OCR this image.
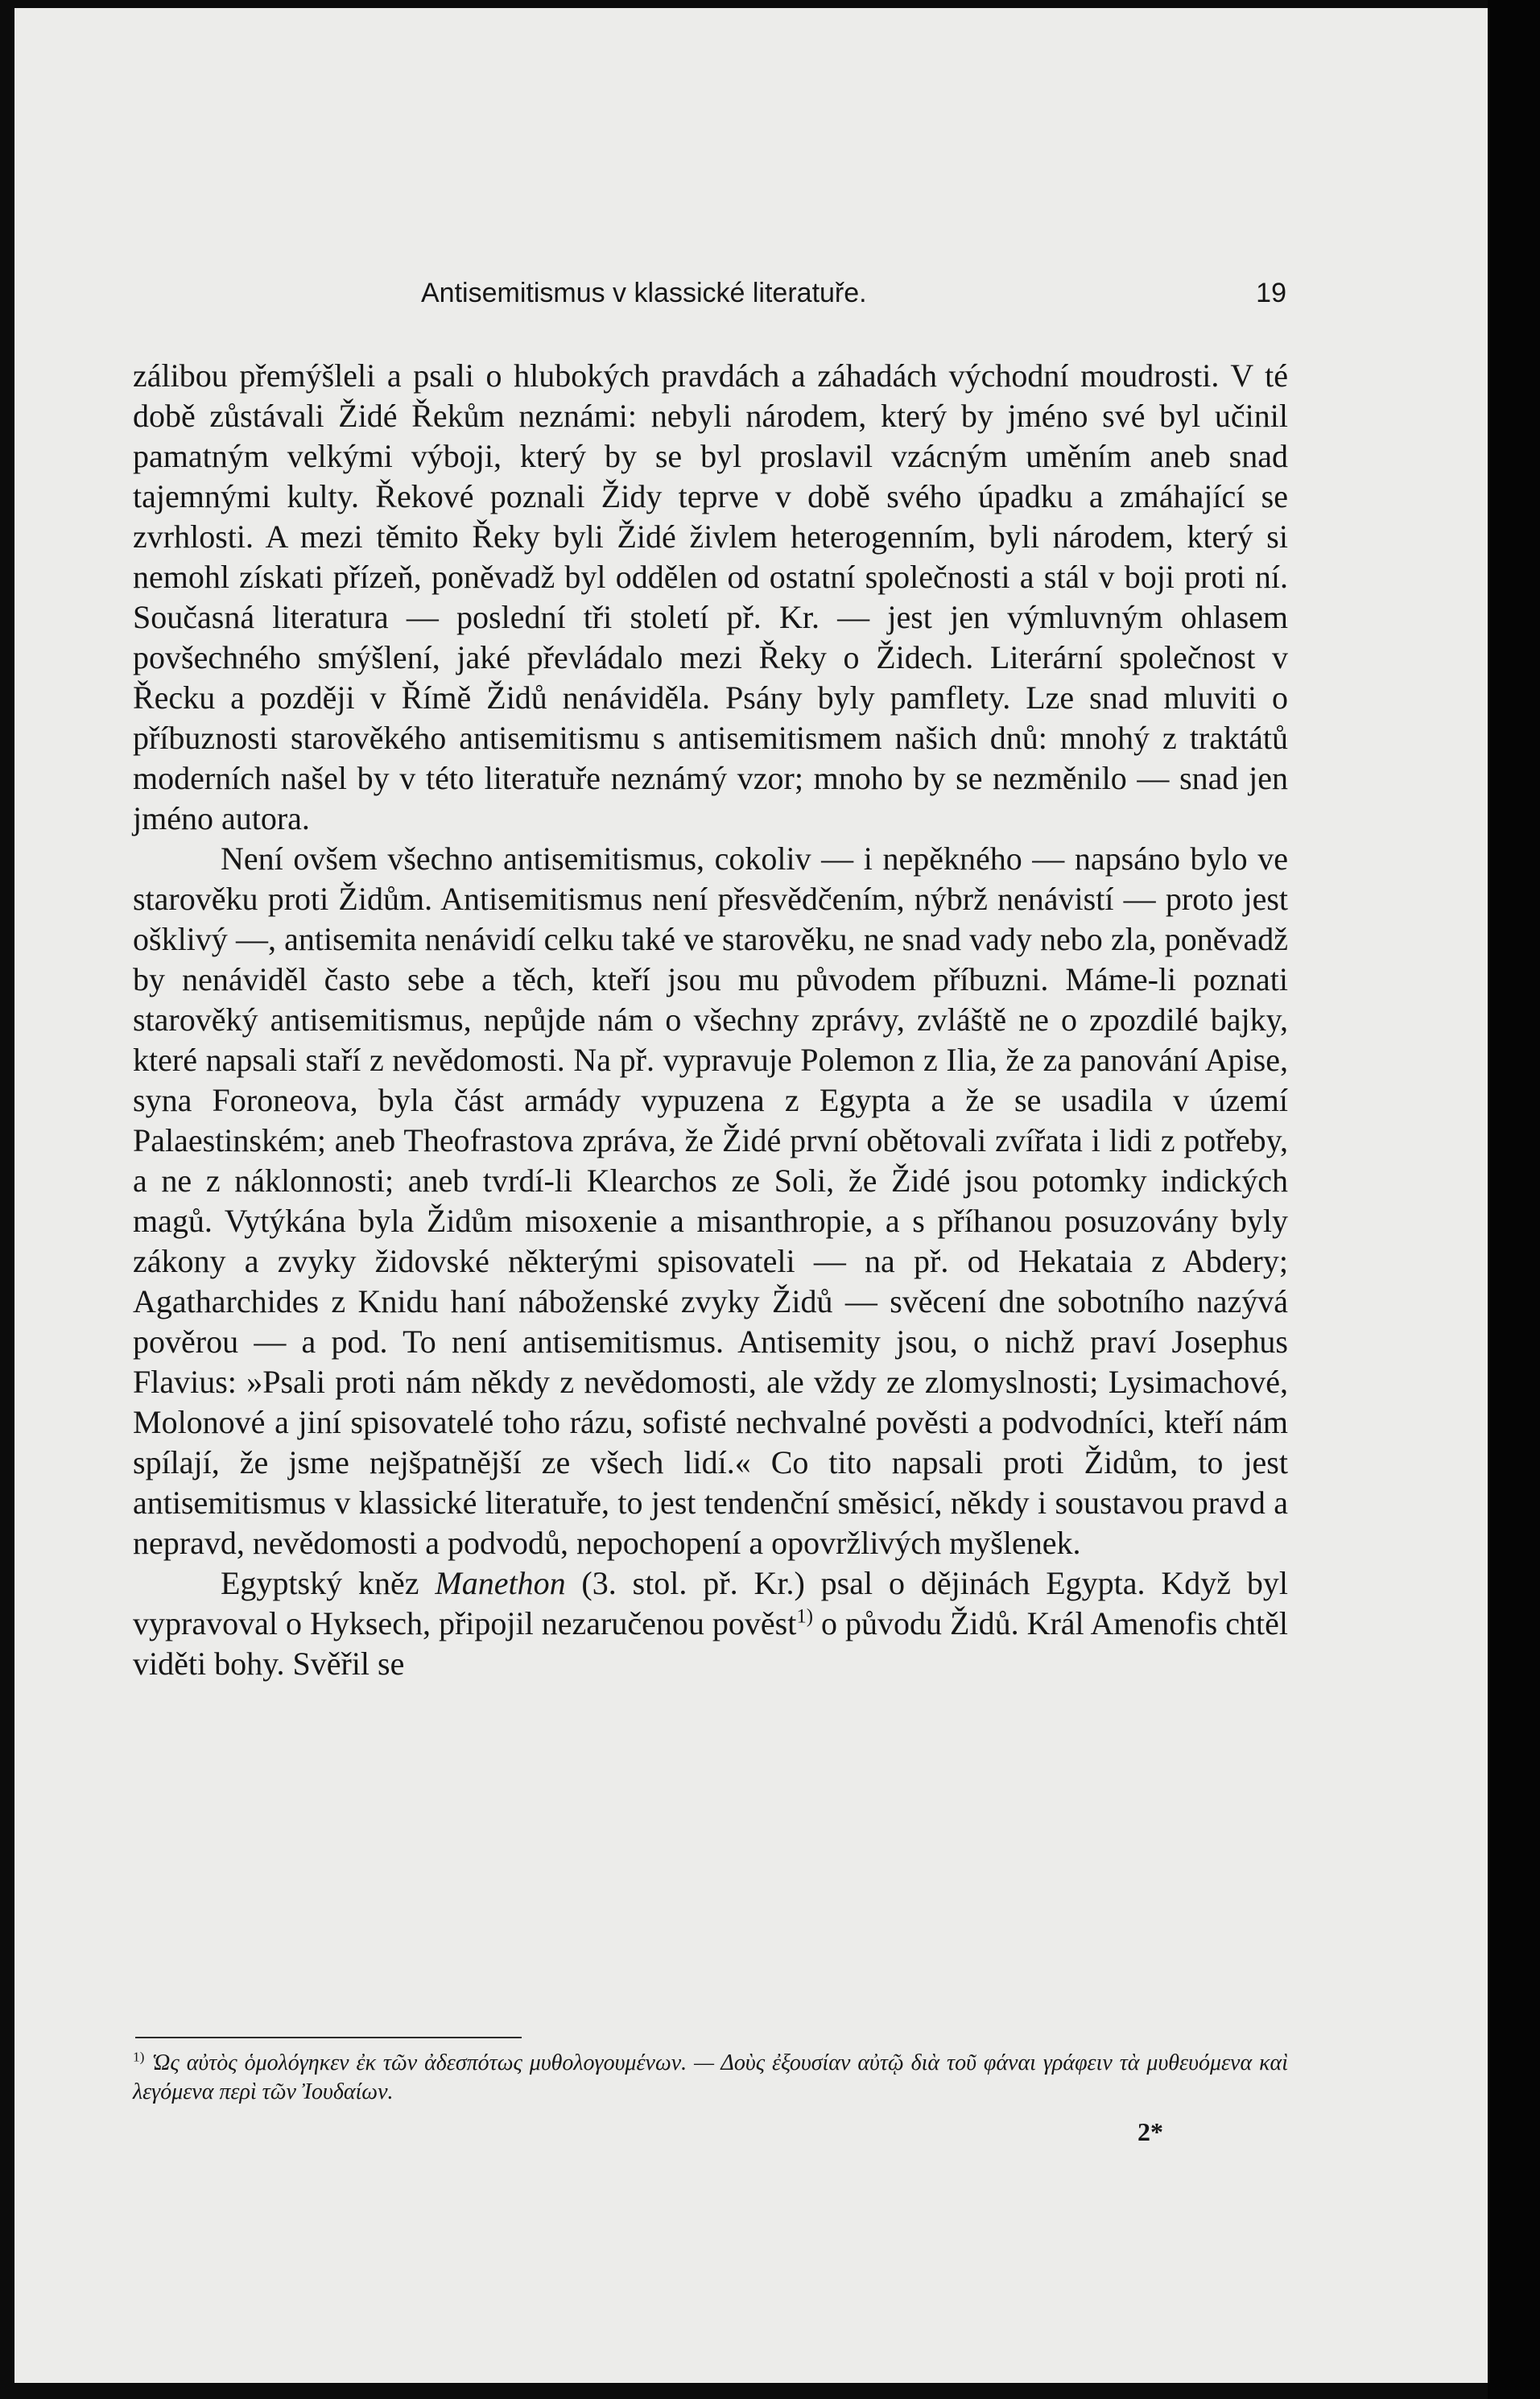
Antisemitismus v klassické literatuře.	19

zálibou přemýšleli a psali o hlubokých pravdách a záhadách východní moudrosti. V té době zůstávali Židé Řekům neznámi: nebyli národem, který by jméno své byl učinil pamatným velkými výboji, který by se byl proslavil vzácným uměním aneb snad tajemnými kulty. Řekové poznali Židy teprve v době svého úpadku a zmáhající se zvrhlosti. A mezi těmito Řeky byli Židé živlem heterogenním, byli národem, který si nemohl získati přízeň, poněvadž byl oddělen od ostatní společnosti a stál v boji proti ní. Současná literatura — poslední tři století př. Kr. — jest jen výmluvným ohlasem povšechného smýšlení, jaké převládalo mezi Řeky o Židech. Literární společnost v Řecku a později v Římě Židů nenáviděla. Psány byly pamflety. Lze snad mluviti o příbuznosti starověkého antisemitismu s antisemitismem našich dnů: mnohý z traktátů moderních našel by v této literatuře neznámý vzor; mnoho by se nezměnilo — snad jen jméno autora.

Není ovšem všechno antisemitismus, cokoliv — i nepěkného — napsáno bylo ve starověku proti Židům. Antisemitismus není přesvědčením, nýbrž nenávistí — proto jest ošklivý —, antisemita nenávidí celku také ve starověku, ne snad vady nebo zla, poněvadž by nenáviděl často sebe a těch, kteří jsou mu původem příbuzni. Máme-li poznati starověký antisemitismus, nepůjde nám o všechny zprávy, zvláště ne o zpozdilé bajky, které napsali staří z nevědomosti. Na př. vypravuje Polemon z Ilia, že za panování Apise, syna Foroneova, byla část armády vypuzena z Egypta a že se usadila v území Palaestinském; aneb Theofrastova zpráva, že Židé první obětovali zvířata i lidi z potřeby, a ne z náklonnosti; aneb tvrdí-li Klearchos ze Soli, že Židé jsou potomky indických magů. Vytýkána byla Židům misoxenie a misanthropie, a s příhanou posuzovány byly zákony a zvyky židovské některými spisovateli — na př. od Hekataia z Abdery; Agatharchides z Knidu haní náboženské zvyky Židů — svěcení dne sobotního nazývá pověrou — a pod. To není antisemitismus. Antisemity jsou, o nichž praví Josephus Flavius: »Psali proti nám někdy z nevědomosti, ale vždy ze zlomyslnosti; Lysimachové, Molonové a jiní spisovatelé toho rázu, sofisté nechvalné pověsti a podvodníci, kteří nám spílají, že jsme nejšpatnější ze všech lidí.« Co tito napsali proti Židům, to jest antisemitismus v klassické literatuře, to jest tendenční směsicí, někdy i soustavou pravd a nepravd, nevědomosti a podvodů, nepochopení a opovržlivých myšlenek.

Egyptský kněz Manethon (3. stol. př. Kr.) psal o dějinách Egypta. Když byl vypravoval o Hyksech, připojil nezaručenou pověst$^{1)}$ o původu Židů. Král Amenofis chtěl viděti bohy. Svěřil se

$^{1)}$ Ὡς αὐτὸς ὁμολόγηκεν ἐκ τῶν ἀδεσπότως μυθολογουμένων. — Δοὺς ἐξουσίαν αὐτῷ διὰ τοῦ φάναι γράφειν τὰ μυθευόμενα καὶ λεγόμενα περὶ τῶν Ἰουδαίων.
2*
